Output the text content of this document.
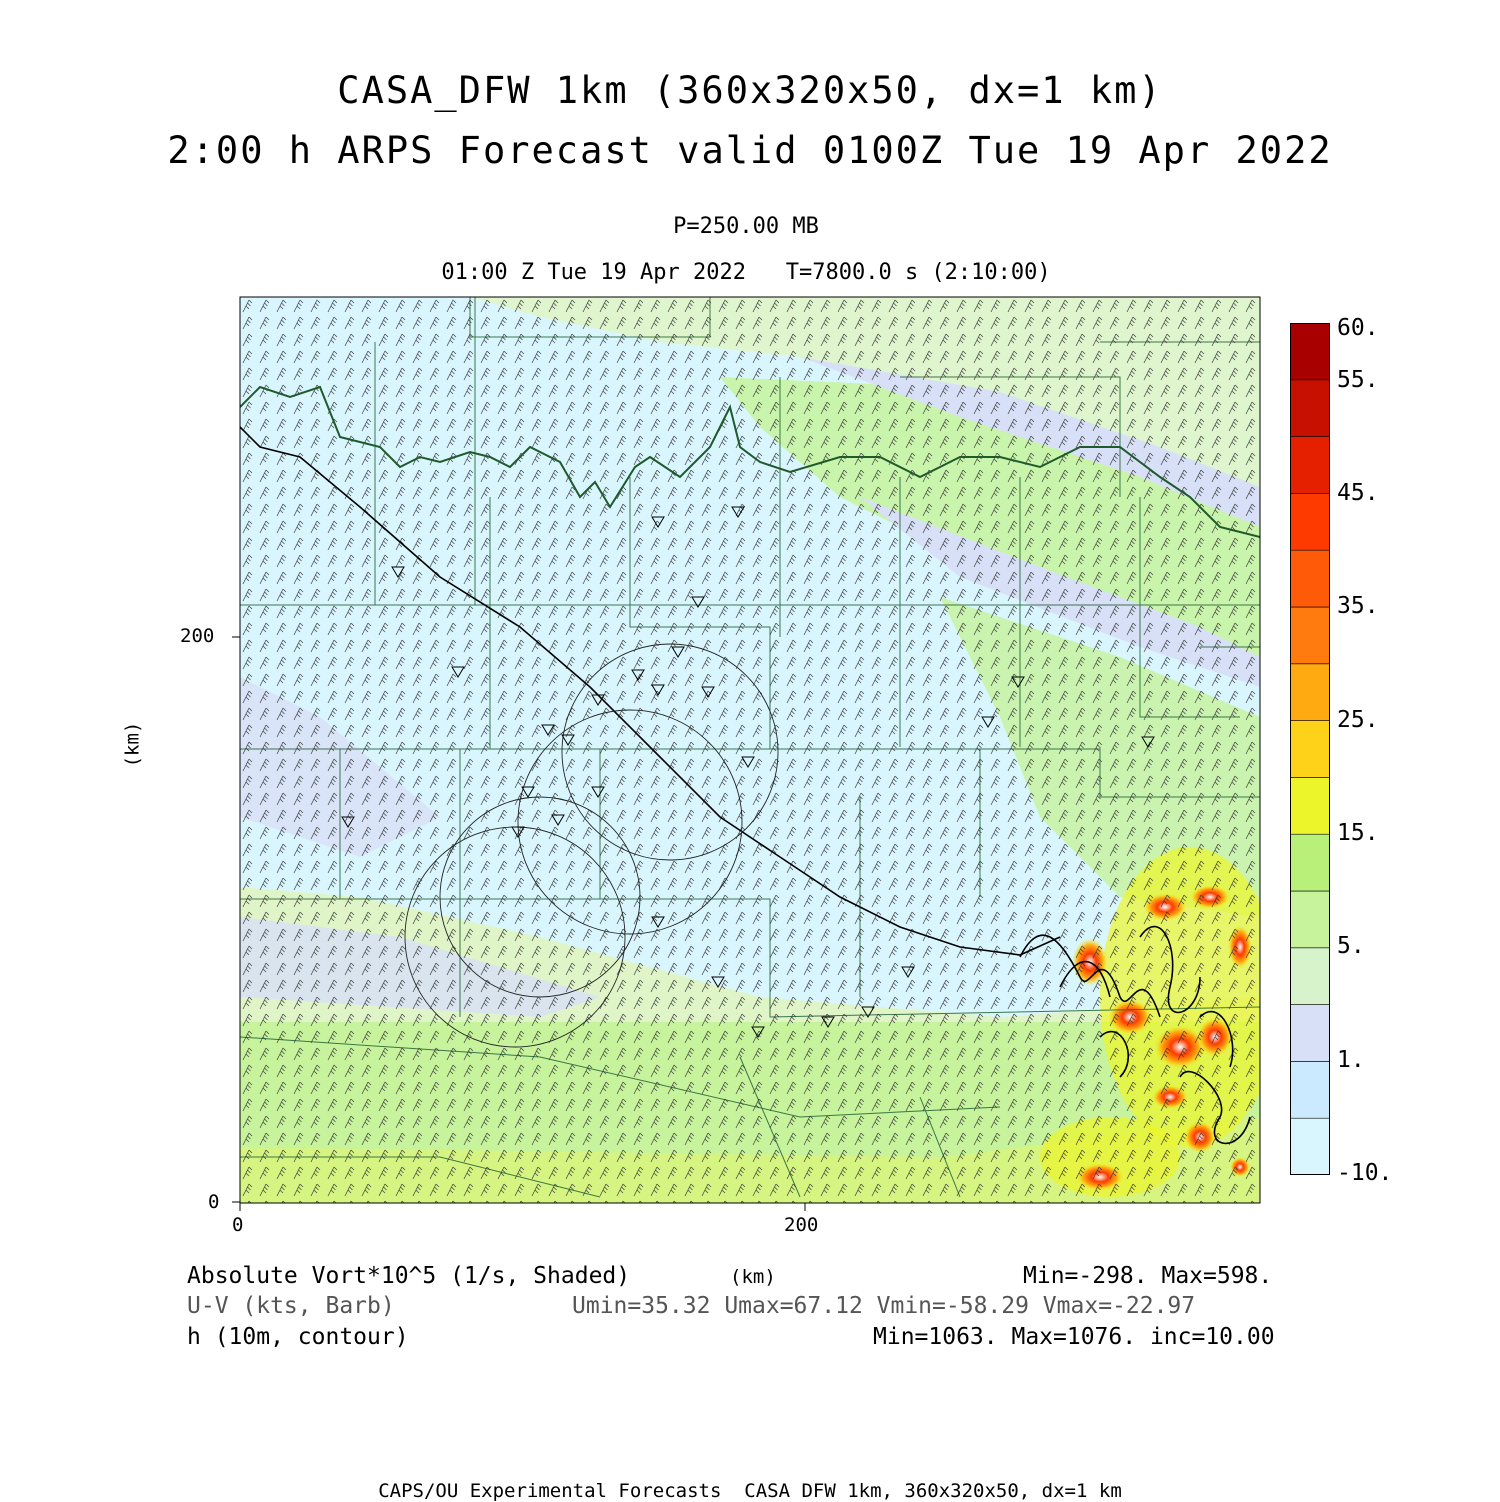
CASA_DFW 1km (360x320x50, dx=1 km)
2:00 h ARPS Forecast valid 0100Z Tue 19 Apr 2022
P=250.00 MB
01:00 Z Tue 19 Apr 2022   T=7800.0 s (2:10:00)
60.
55.
45.
35.
25.
15.
5.
1.
-10.
200
0
0	200
(km)
Absolute Vort*10^5 (1/s, Shaded)	(km)	Min=-298. Max=598.
U-V (kts, Barb)	Umin=35.32 Umax=67.12 Vmin=-58.29 Vmax=-22.97
h (10m, contour)	Min=1063. Max=1076. inc=10.00
CAPS/OU Experimental Forecasts  CASA DFW 1km, 360x320x50, dx=1 km
